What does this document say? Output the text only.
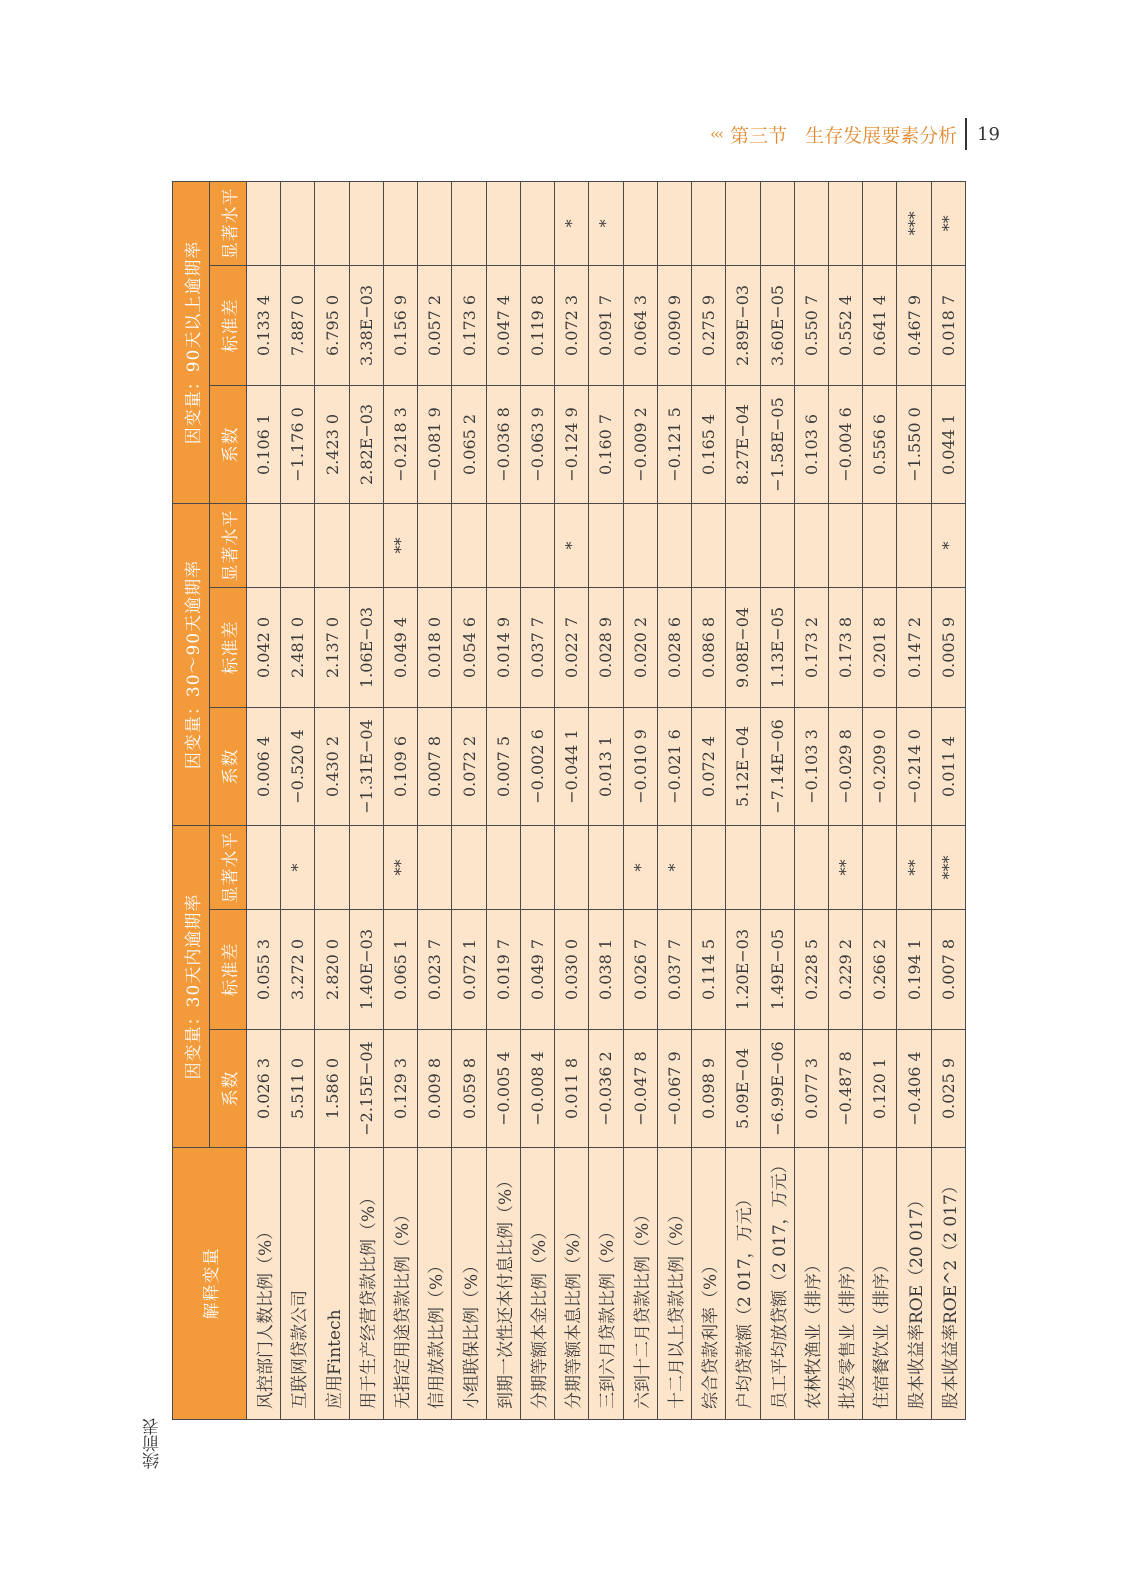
‹‹‹ 第三节 生存发展要素分析 19
续前表
解释变量	因变量：30天内逾期率			因变量：30～90天逾期率			因变量：90天以上逾期率		
	系数	标准差	显著水平	系数	标准差	显著水平	系数	标准差	显著水平
风控部门人数比例（%）	0.026 3	0.055 3		0.006 4	0.042 0		0.106 1	0.133 4	
互联网贷款公司	5.511 0	3.272 0	*	−0.520 4	2.481 0		−1.176 0	7.887 0	
应用Fintech	1.586 0	2.820 0		0.430 2	2.137 0		2.423 0	6.795 0	
用于生产经营贷款比例（%）	−2.15E−04	1.40E−03		−1.31E−04	1.06E−03		2.82E−03	3.38E−03	
无指定用途贷款比例（%）	0.129 3	0.065 1	**	0.109 6	0.049 4	**	−0.218 3	0.156 9	
信用放款比例（%）	0.009 8	0.023 7		0.007 8	0.018 0		−0.081 9	0.057 2	
小组联保比例（%）	0.059 8	0.072 1		0.072 2	0.054 6		0.065 2	0.173 6	
到期一次性还本付息比例（%）	−0.005 4	0.019 7		0.007 5	0.014 9		−0.036 8	0.047 4	
分期等额本金比例（%）	−0.008 4	0.049 7		−0.002 6	0.037 7		−0.063 9	0.119 8	
分期等额本息比例（%）	0.011 8	0.030 0		−0.044 1	0.022 7	*	−0.124 9	0.072 3	*
三到六月贷款比例（%）	−0.036 2	0.038 1		0.013 1	0.028 9		0.160 7	0.091 7	*
六到十二月贷款比例（%）	−0.047 8	0.026 7	*	−0.010 9	0.020 2		−0.009 2	0.064 3	
十二月以上贷款比例（%）	−0.067 9	0.037 7	*	−0.021 6	0.028 6		−0.121 5	0.090 9	
综合贷款利率（%）	0.098 9	0.114 5		0.072 4	0.086 8		0.165 4	0.275 9	
户均贷款额（2 017，万元）	5.09E−04	1.20E−03		5.12E−04	9.08E−04		8.27E−04	2.89E−03	
员工平均放贷额（2 017，万元）	−6.99E−06	1.49E−05		−7.14E−06	1.13E−05		−1.58E−05	3.60E−05	
农林牧渔业（排序）	0.077 3	0.228 5		−0.103 3	0.173 2		0.103 6	0.550 7	
批发零售业（排序）	−0.487 8	0.229 2	**	−0.029 8	0.173 8		−0.004 6	0.552 4	
住宿餐饮业（排序）	0.120 1	0.266 2		−0.209 0	0.201 8		0.556 6	0.641 4	
股本收益率ROE（20 017）	−0.406 4	0.194 1	**	−0.214 0	0.147 2		−1.550 0	0.467 9	***
股本收益率ROE^2（2 017）	0.025 9	0.007 8	***	0.011 4	0.005 9	*	0.044 1	0.018 7	**
